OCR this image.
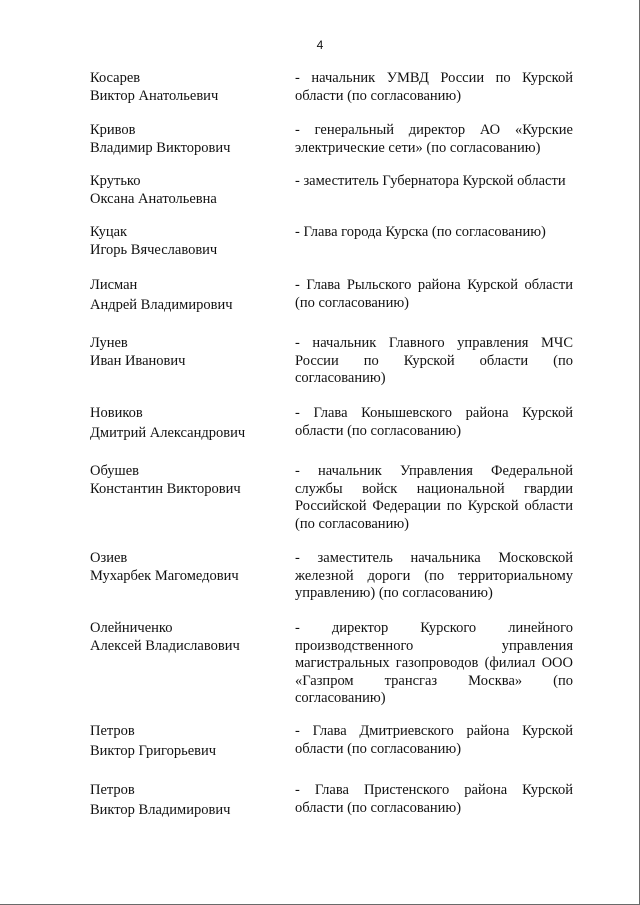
4
Косарев
Виктор Анатольевич
- начальник УМВД России по Курской области (по согласованию)
Кривов
Владимир Викторович
- генеральный директор АО «Курские электрические сети» (по согласованию)
Крутько
Оксана Анатольевна
- заместитель Губернатора Курской области
Куцак
Игорь Вячеславович
- Глава города Курска (по согласованию)
Лисман
Андрей Владимирович
- Глава Рыльского района Курской области (по согласованию)
Лунев
Иван Иванович
- начальник Главного управления МЧС России по Курской области (по согласованию)
Новиков
Дмитрий Александрович
- Глава Конышевского района Курской области (по согласованию)
Обушев
Константин Викторович
- начальник Управления Федеральной службы войск национальной гвардии Российской Федерации по Курской области (по согласованию)
Озиев
Мухарбек Магомедович
- заместитель начальника Московской железной дороги (по территориальному управлению) (по согласованию)
Олейниченко
Алексей Владиславович
- директор Курского линейного производственного управления магистральных газопроводов (филиал ООО «Газпром трансгаз Москва» (по согласованию)
Петров
Виктор Григорьевич
- Глава Дмитриевского района Курской области (по согласованию)
Петров
Виктор Владимирович
- Глава Пристенского района Курской области (по согласованию)
